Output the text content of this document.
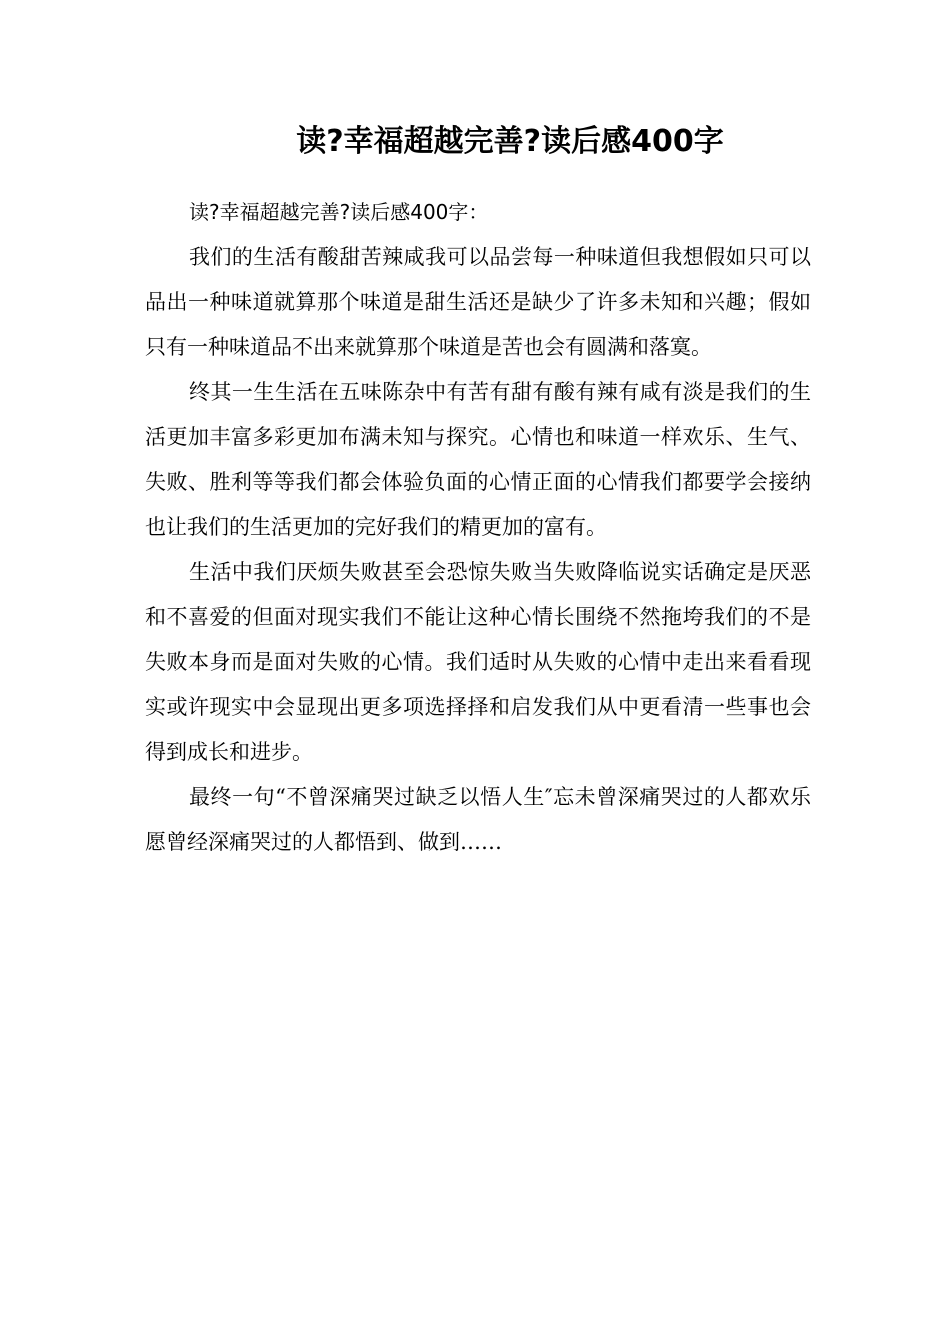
读?幸福超越完善?读后感400字

读?幸福超越完善?读后感400字：

我们的生活有酸甜苦辣咸我可以品尝每一种味道但我想假如只可以品出一种味道就算那个味道是甜生活还是缺少了许多未知和兴趣；假如只有一种味道品不出来就算那个味道是苦也会有圆满和落寞。

终其一生生活在五味陈杂中有苦有甜有酸有辣有咸有淡是我们的生活更加丰富多彩更加布满未知与探究。心情也和味道一样欢乐、生气、失败、胜利等等我们都会体验负面的心情正面的心情我们都要学会接纳也让我们的生活更加的完好我们的精更加的富有。

生活中我们厌烦失败甚至会恐惊失败当失败降临说实话确定是厌恶和不喜爱的但面对现实我们不能让这种心情长围绕不然拖垮我们的不是失败本身而是面对失败的心情。我们适时从失败的心情中走出来看看现实或许现实中会显现出更多项选择择和启发我们从中更看清一些事也会得到成长和进步。

最终一句“不曾深痛哭过缺乏以悟人生″忘未曾深痛哭过的人都欢乐愿曾经深痛哭过的人都悟到、做到……
